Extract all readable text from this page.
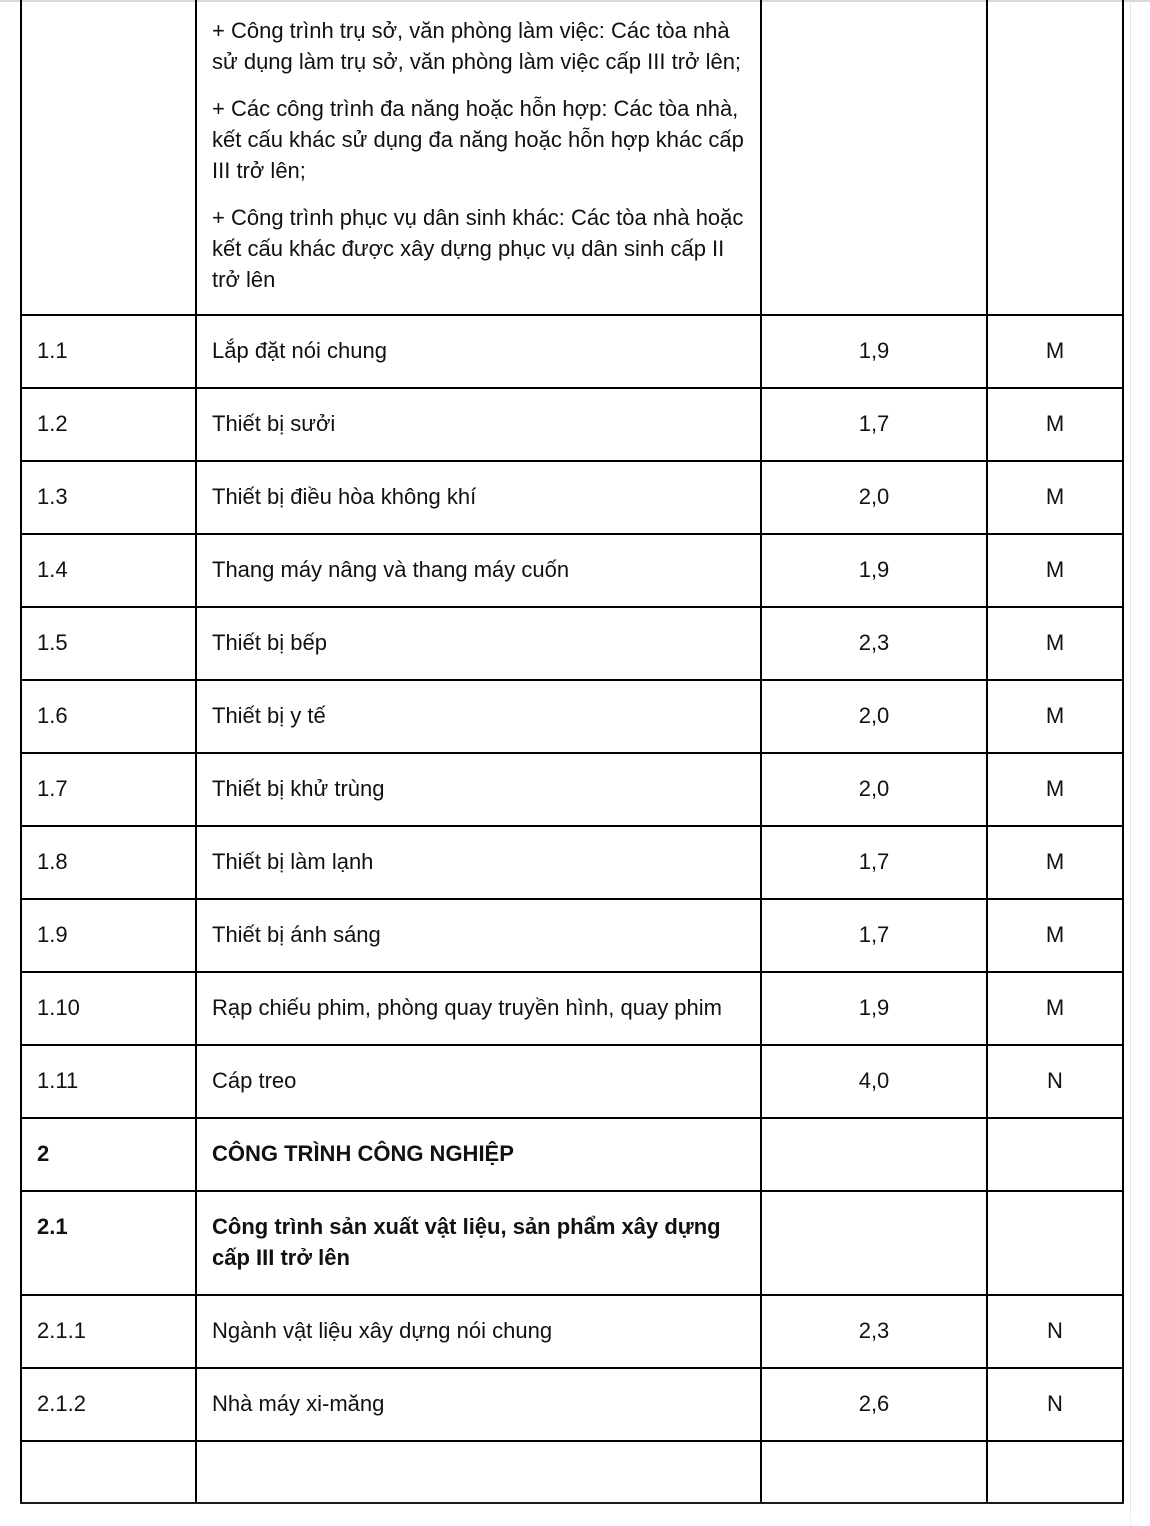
	+ Công trình trụ sở, văn phòng làm việc: Các tòa nhà sử dụng làm trụ sở, văn phòng làm việc cấp III trở lên;

+ Các công trình đa năng hoặc hỗn hợp: Các tòa nhà, kết cấu khác sử dụng đa năng hoặc hỗn hợp khác cấp III trở lên;

+ Công trình phục vụ dân sinh khác: Các tòa nhà hoặc kết cấu khác được xây dựng phục vụ dân sinh cấp II trở lên		

1.1	Lắp đặt nói chung	1,9	M

1.2	Thiết bị sưởi	1,7	M

1.3	Thiết bị điều hòa không khí	2,0	M

1.4	Thang máy nâng và thang máy cuốn	1,9	M

1.5	Thiết bị bếp	2,3	M

1.6	Thiết bị y tế	2,0	M

1.7	Thiết bị khử trùng	2,0	M

1.8	Thiết bị làm lạnh	1,7	M

1.9	Thiết bị ánh sáng	1,7	M

1.10	Rạp chiếu phim, phòng quay truyền hình, quay phim	1,9	M

1.11	Cáp treo	4,0	N

2	CÔNG TRÌNH CÔNG NGHIỆP		

2.1	Công trình sản xuất vật liệu, sản phẩm xây dựng cấp III trở lên		

2.1.1	Ngành vật liệu xây dựng nói chung	2,3	N

2.1.2	Nhà máy xi-măng	2,6	N
